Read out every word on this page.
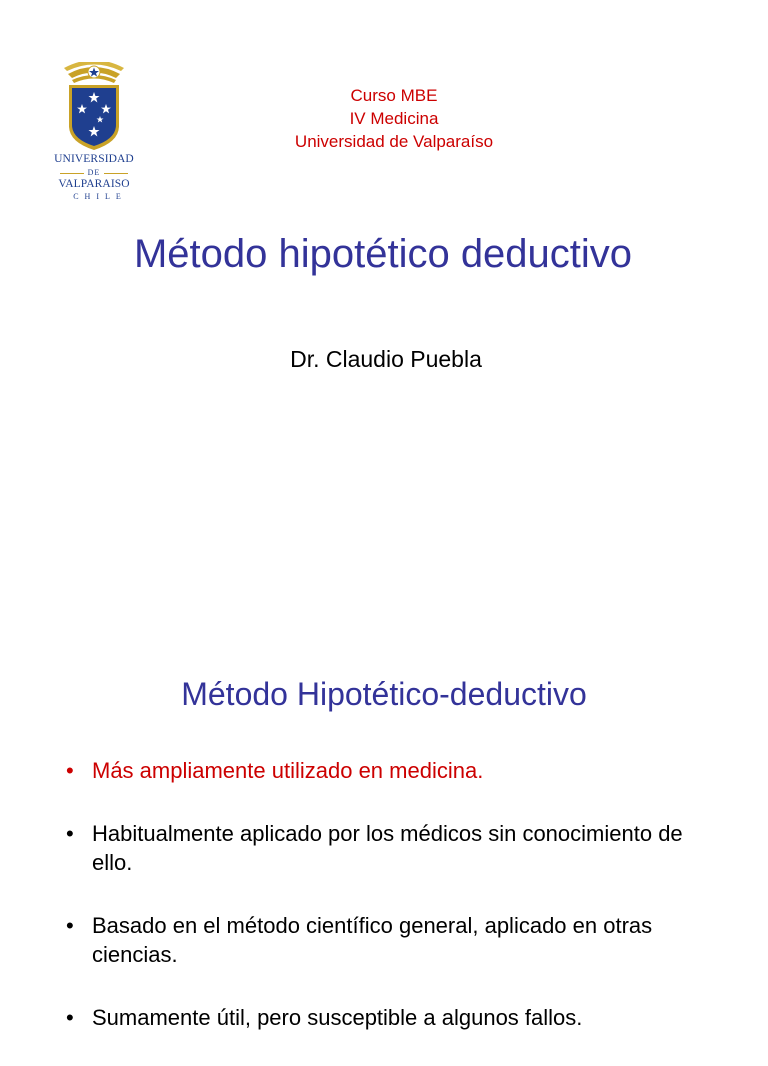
UNIVERSIDAD
DE
VALPARAISO
CHILE
Curso MBE
IV Medicina
Universidad de Valparaíso
Método hipotético deductivo
Dr. Claudio Puebla
Método Hipotético-deductivo
• Más ampliamente utilizado en medicina.
• Habitualmente aplicado por los médicos sin conocimiento de ello.
• Basado en el método científico general, aplicado en otras ciencias.
• Sumamente útil, pero susceptible a algunos fallos.
